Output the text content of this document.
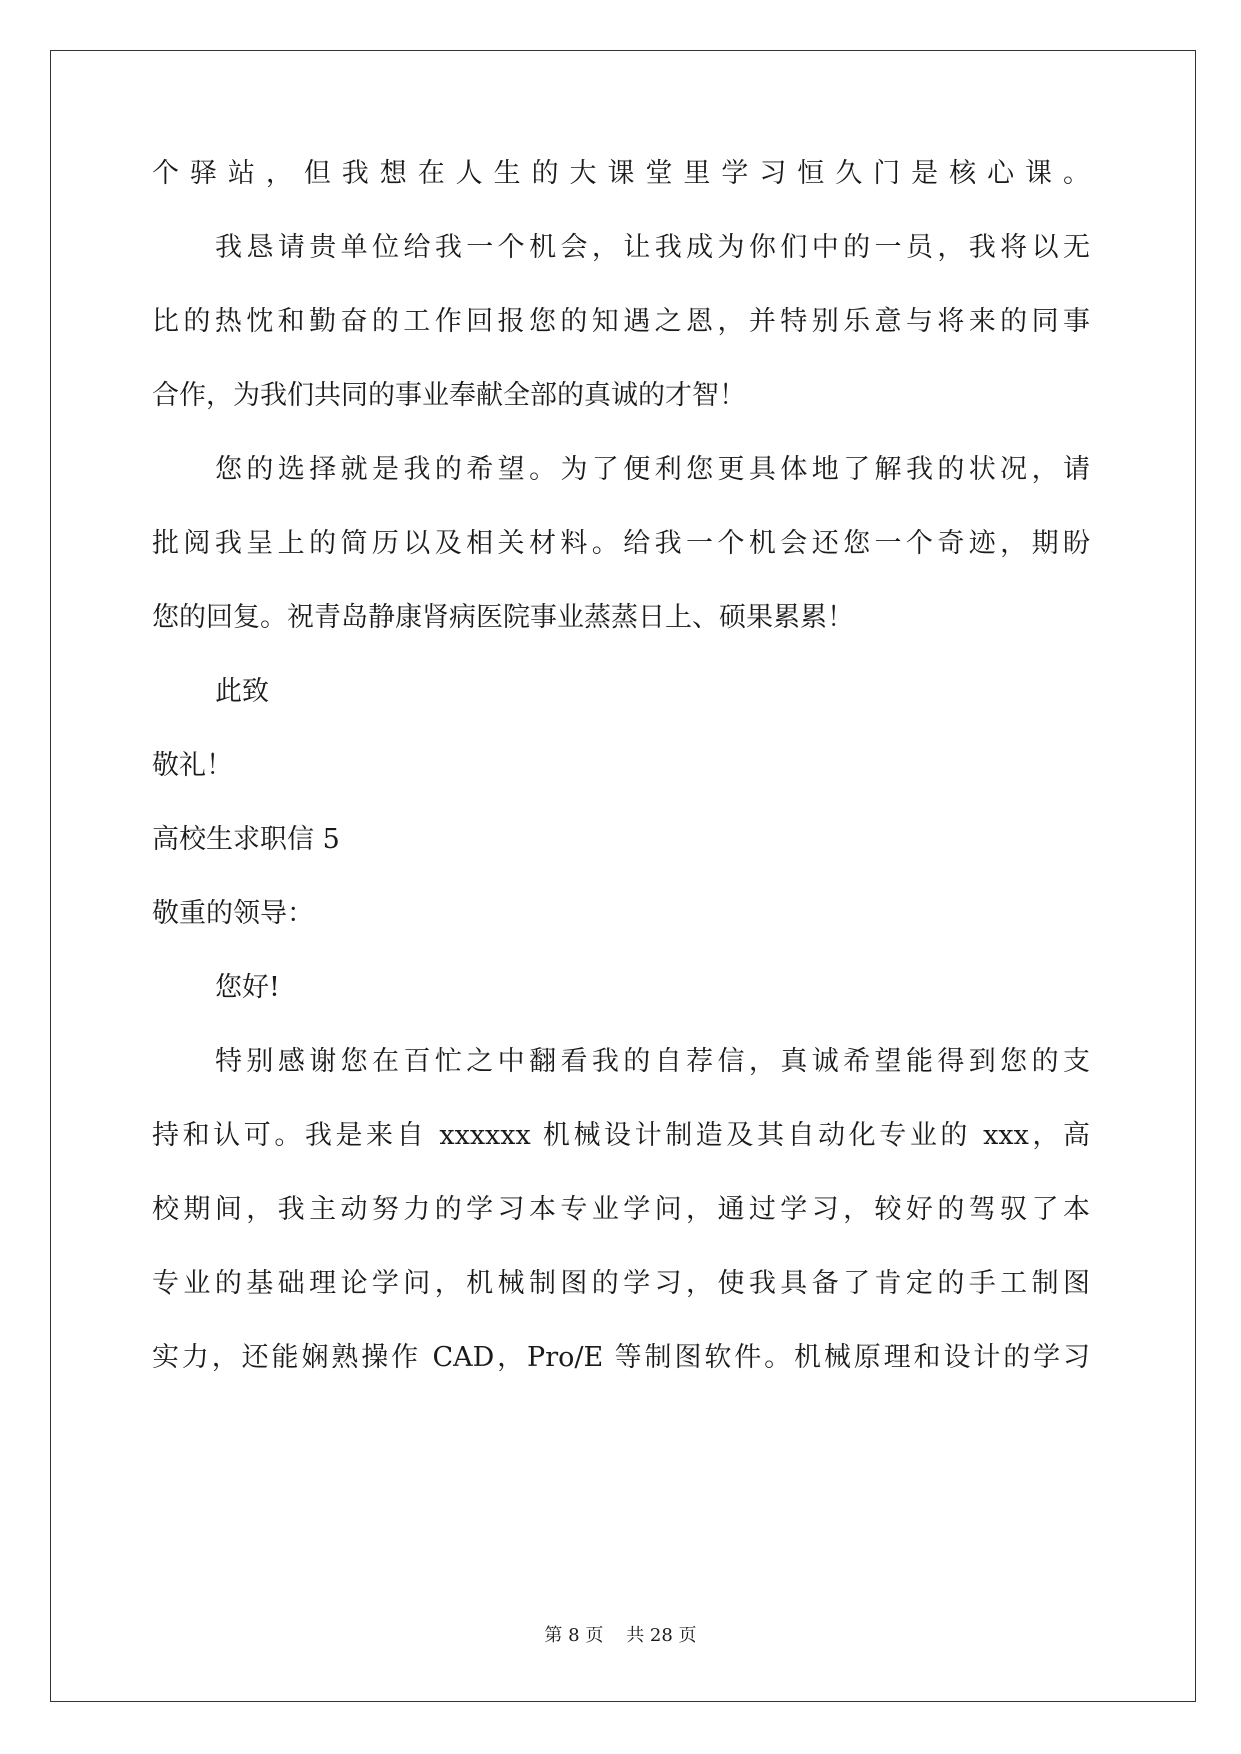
个驿站，但我想在人生的大课堂里学习恒久门是核心课。
我恳请贵单位给我一个机会，让我成为你们中的一员，我将以无
比的热忱和勤奋的工作回报您的知遇之恩，并特别乐意与将来的同事
合作，为我们共同的事业奉献全部的真诚的才智！
您的选择就是我的希望。为了便利您更具体地了解我的状况，请
批阅我呈上的简历以及相关材料。给我一个机会还您一个奇迹，期盼
您的回复。祝青岛静康肾病医院事业蒸蒸日上、硕果累累！
此致
敬礼！
高校生求职信 5
敬重的领导：
您好!
特别感谢您在百忙之中翻看我的自荐信，真诚希望能得到您的支
持和认可。我是来自 xxxxxx 机械设计制造及其自动化专业的 xxx，高
校期间，我主动努力的学习本专业学问，通过学习，较好的驾驭了本
专业的基础理论学问，机械制图的学习，使我具备了肯定的手工制图
实力，还能娴熟操作 CAD，Pro/E 等制图软件。机械原理和设计的学习
第 8 页    共 28 页
